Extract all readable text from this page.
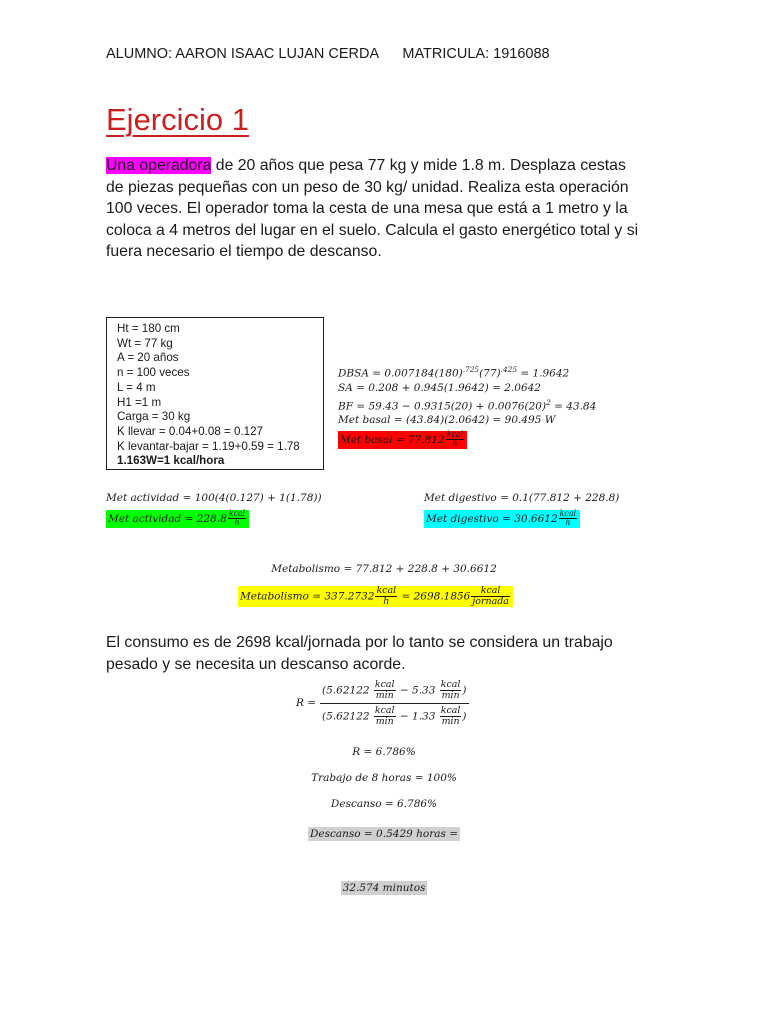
ALUMNO: AARON ISAAC LUJAN CERDA MATRICULA: 1916088
Ejercicio 1
Una operadora de 20 años que pesa 77 kg y mide 1.8 m. Desplaza cestas de piezas pequeñas con un peso de 30 kg/ unidad. Realiza esta operación 100 veces. El operador toma la cesta de una mesa que está a 1 metro y la coloca a 4 metros del lugar en el suelo. Calcula el gasto energético total y si fuera necesario el tiempo de descanso.
Ht = 180 cm
Wt = 77 kg
A = 20 años
n = 100 veces
L = 4 m
H1 =1 m
Carga = 30 kg
K llevar = 0.04+0.08 = 0.127
K levantar-bajar = 1.19+0.59 = 1.78
1.163W=1 kcal/hora
DBSA = $0.007184(180)^{.725}(77)^{.425} = 1.9642$
SA = 0.208 + 0.945(1.9642) = 2.0642
BF = $59.43 - 0.9315(20) + 0.0076(20)^2 = 43.84$
Met basal = (43.84)(2.0642) = 90.495 W
Met basal = $77.812 \frac{\text{kcal}}{h}$
Met actividad = 100(4(0.127) + 1(1.78))
Met actividad = $228.8 \frac{\text{kcal}}{h}$
Met digestivo = 0.1(77.812 + 228.8)
Met digestivo = $30.6612 \frac{\text{kcal}}{h}$
Metabolismo = 77.812 + 228.8 + 30.6612
Metabolismo = $337.2732 \frac{\text{kcal}}{h} = 2698.1856 \frac{\text{kcal}}{\text{jornada}}$
El consumo es de 2698 kcal/jornada por lo tanto se considera un trabajo pesado y se necesita un descanso acorde.
R =
($5.62122 \frac{\text{kcal}}{\min} - 5.33 \frac{\text{kcal}}{\min}$ )
($5.62122 \frac{\text{kcal}}{\min} - 1.33 \frac{\text{kcal}}{\min}$ )
R = 6.786%
Trabajo de 8 horas = 100%
Descanso = 6.786%
Descanso = 0.5429 horas =
32.574 minutos
